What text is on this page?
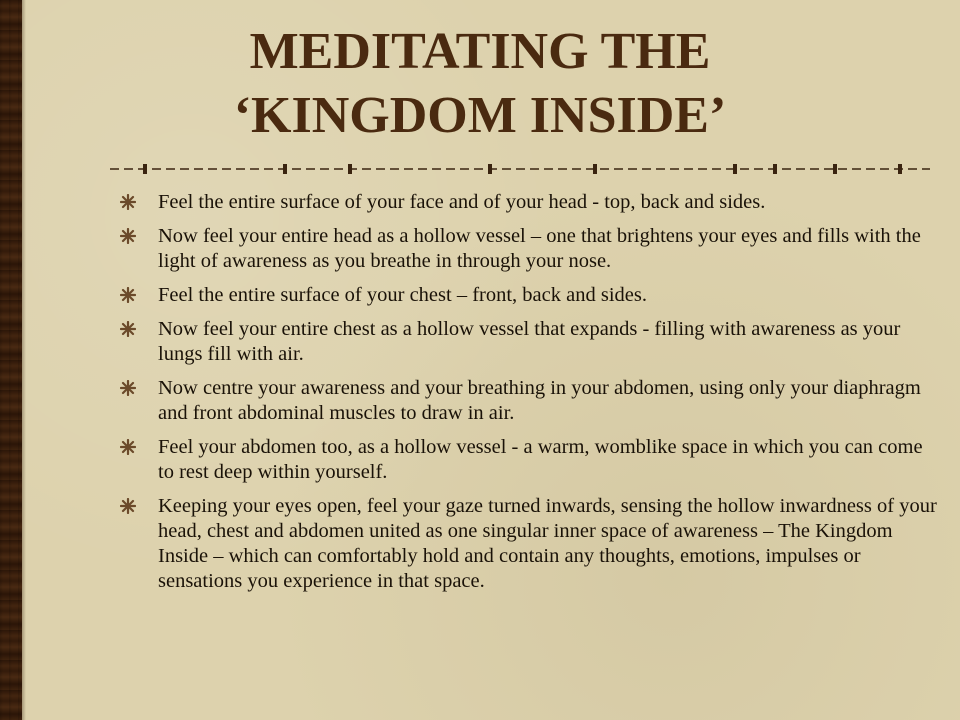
MEDITATING THE
‘KINGDOM INSIDE’
Feel the entire surface of your face and of your head - top, back and sides.
Now feel your entire head as a hollow vessel – one that brightens your eyes and fills with the light of awareness as you breathe in through your nose.
Feel the entire surface of your chest – front, back and sides.
Now feel your entire chest as a hollow vessel that expands - filling with awareness as your lungs fill with air.
Now centre your awareness and your breathing in your abdomen, using only your diaphragm and front abdominal muscles to draw in air.
Feel your abdomen too, as a hollow vessel - a warm, womblike space in which you can come to rest deep within yourself.
Keeping your eyes open, feel your gaze turned inwards, sensing the hollow inwardness of your head, chest and abdomen united as one singular inner space of awareness – The Kingdom Inside – which can comfortably hold and contain any thoughts, emotions, impulses or sensations you experience in that space.
